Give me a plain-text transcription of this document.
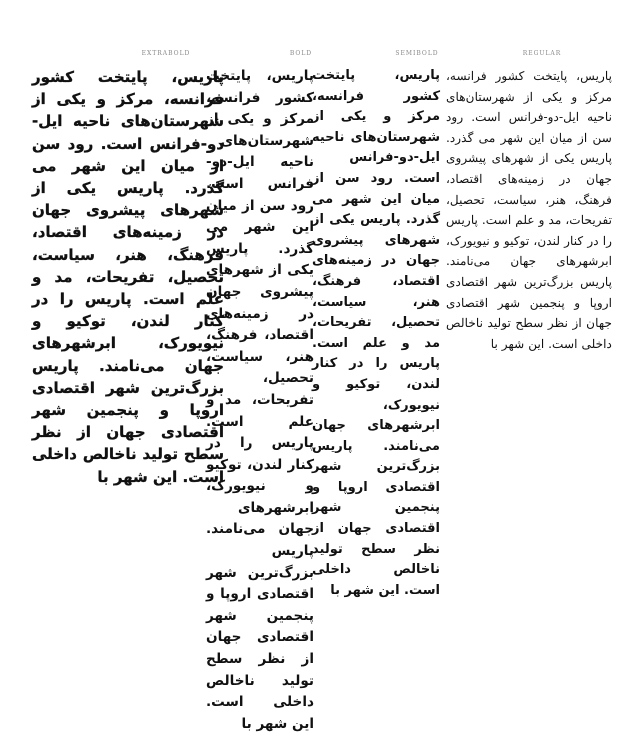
EXTRABOLD	BOLD	SEMIBOLD	REGULAR

پاریس، پایتخت کشور فرانسه، مرکز و یکی از شهرستان‌های ناحیه ایل-دو-فرانس است. رود سن از میان این شهر می گذرد. پاریس یکی از شهرهای پیشروی جهان در زمینه‌های اقتصاد، فرهنگ، هنر، سیاست، تحصیل، تفریحات، مد و علم است. پاریس را در کنار لندن، توکیو و نیویورک، ابرشهرهای جهان می‌نامند. پاریس بزرگ‌ترین شهر اقتصادی اروپا و پنجمین شهر اقتصادی جهان از نظر سطح تولید ناخالص داخلی است. این شهر با

پاریس، پایتخت کشور فرانسه، مرکز و یکی از شهرستان‌های ناحیه ایل-دو-فرانس است. رود سن از میان این شهر می گذرد. پاریس یکی از شهرهای پیشروی جهان در زمینه‌های اقتصاد، فرهنگ، هنر، سیاست، تحصیل، تفریحات، مد و علم است. پاریس را در کنار لندن، توکیو و نیویورک، ابرشهرهای جهان می‌نامند. پاریس بزرگ‌ترین شهر اقتصادی اروپا و پنجمین شهر اقتصادی جهان از نظر سطح تولید ناخالص داخلی است. این شهر با

پاریس، پایتخت کشور فرانسه، مرکز و یکی از شهرستان‌های ناحیه ایل-دو-فرانس است. رود سن از میان این شهر می گذرد. پاریس یکی از شهرهای پیشروی جهان در زمینه‌های اقتصاد، فرهنگ، هنر، سیاست، تحصیل، تفریحات، مد و علم است. پاریس را در کنار لندن، توکیو و نیویورک، ابرشهرهای جهان می‌نامند. پاریس بزرگ‌ترین شهر اقتصادی اروپا و پنجمین شهر اقتصادی جهان از نظر سطح تولید ناخالص داخلی است. این شهر با

پاریس، پایتخت کشور فرانسه، مرکز و یکی از شهرستان‌های ناحیه ایل-دو-فرانس است. رود سن از میان این شهر می گذرد. پاریس یکی از شهرهای پیشروی جهان در زمینه‌های اقتصاد، فرهنگ، هنر، سیاست، تحصیل، تفریحات، مد و علم است. پاریس را در کنار لندن، توکیو و نیویورک، ابرشهرهای جهان می‌نامند. پاریس بزرگ‌ترین شهر اقتصادی اروپا و پنجمین شهر اقتصادی جهان از نظر سطح تولید ناخالص داخلی است. این شهر با
